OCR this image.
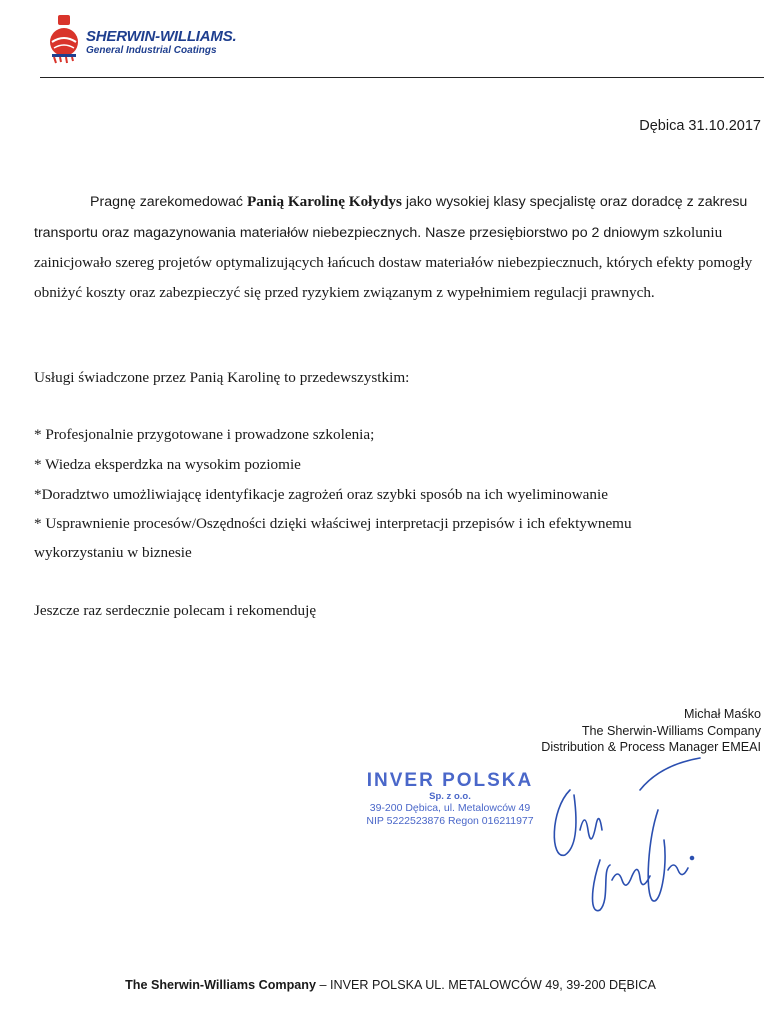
SHERWIN-WILLIAMS.
General Industrial Coatings
Dębica 31.10.2017

Pragnę zarekomedować Panią Karolinę Kołydys jako wysokiej klasy specjalistę oraz doradcę z zakresu transportu oraz magazynowania materiałów niebezpiecznych. Nasze przesiębiorstwo po 2 dniowym szkoluniu zainicjowało szereg projetów optymalizujących łańcuch dostaw materiałów niebezpiecznuch, których efekty pomogły obniżyć koszty oraz zabezpieczyć się przed ryzykiem związanym z wypełnimiem regulacji prawnych.

Usługi świadczone przez Panią Karolinę to przedewszystkim:
* Profesjonalnie przygotowane i prowadzone szkolenia;
* Wiedza eksperdzka na wysokim poziomie
*Doradztwo umożliwiającę identyfikacje zagrożeń oraz szybki sposób na ich wyeliminowanie
* Usprawnienie procesów/Oszędności dzięki właściwej interpretacji przepisów i ich efektywnemu
wykorzystaniu w biznesie
Jeszcze raz serdecznie polecam i rekomenduję
Michał Maśko
The Sherwin-Williams Company
Distribution & Process Manager EMEAI
INVER POLSKA
Sp. z o.o.
39-200 Dębica, ul. Metalowców 49
NIP 5222523876 Regon 016211977
The Sherwin-Williams Company – INVER POLSKA UL. METALOWCÓW 49, 39-200 DĘBICA
